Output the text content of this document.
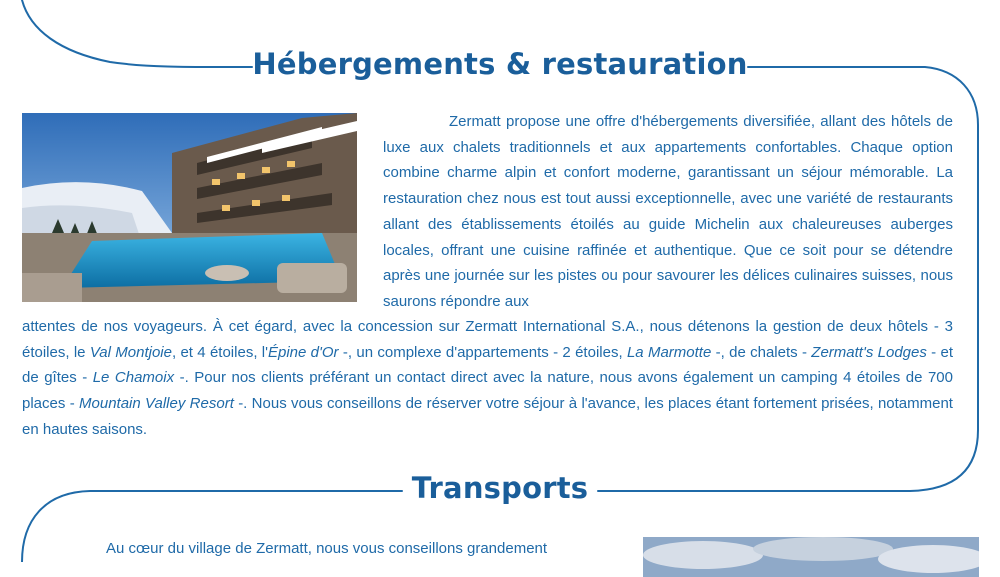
Hébergements & restauration
Zermatt propose une offre d'hébergements diversifiée, allant des hôtels de luxe aux chalets traditionnels et aux appartements confortables. Chaque option combine charme alpin et confort moderne, garantissant un séjour mémorable. La restauration chez nous est tout aussi exceptionnelle, avec une variété de restaurants allant des établissements étoilés au guide Michelin aux chaleureuses auberges locales, offrant une cuisine raffinée et authentique. Que ce soit pour se détendre après une journée sur les pistes ou pour savourer les délices culinaires suisses, nous saurons répondre aux
attentes de nos voyageurs. À cet égard, avec la concession sur Zermatt International S.A., nous détenons la gestion de deux hôtels - 3 étoiles, le Val Montjoie, et 4 étoiles, l'Épine d'Or -, un complexe d'appartements - 2 étoiles, La Marmotte -, de chalets - Zermatt's Lodges - et de gîtes - Le Chamoix -. Pour nos clients préférant un contact direct avec la nature, nous avons également un camping 4 étoiles de 700 places - Mountain Valley Resort -. Nous vous conseillons de réserver votre séjour à l'avance, les places étant fortement prisées, notamment en hautes saisons.
Transports
Au cœur du village de Zermatt, nous vous conseillons grandement
